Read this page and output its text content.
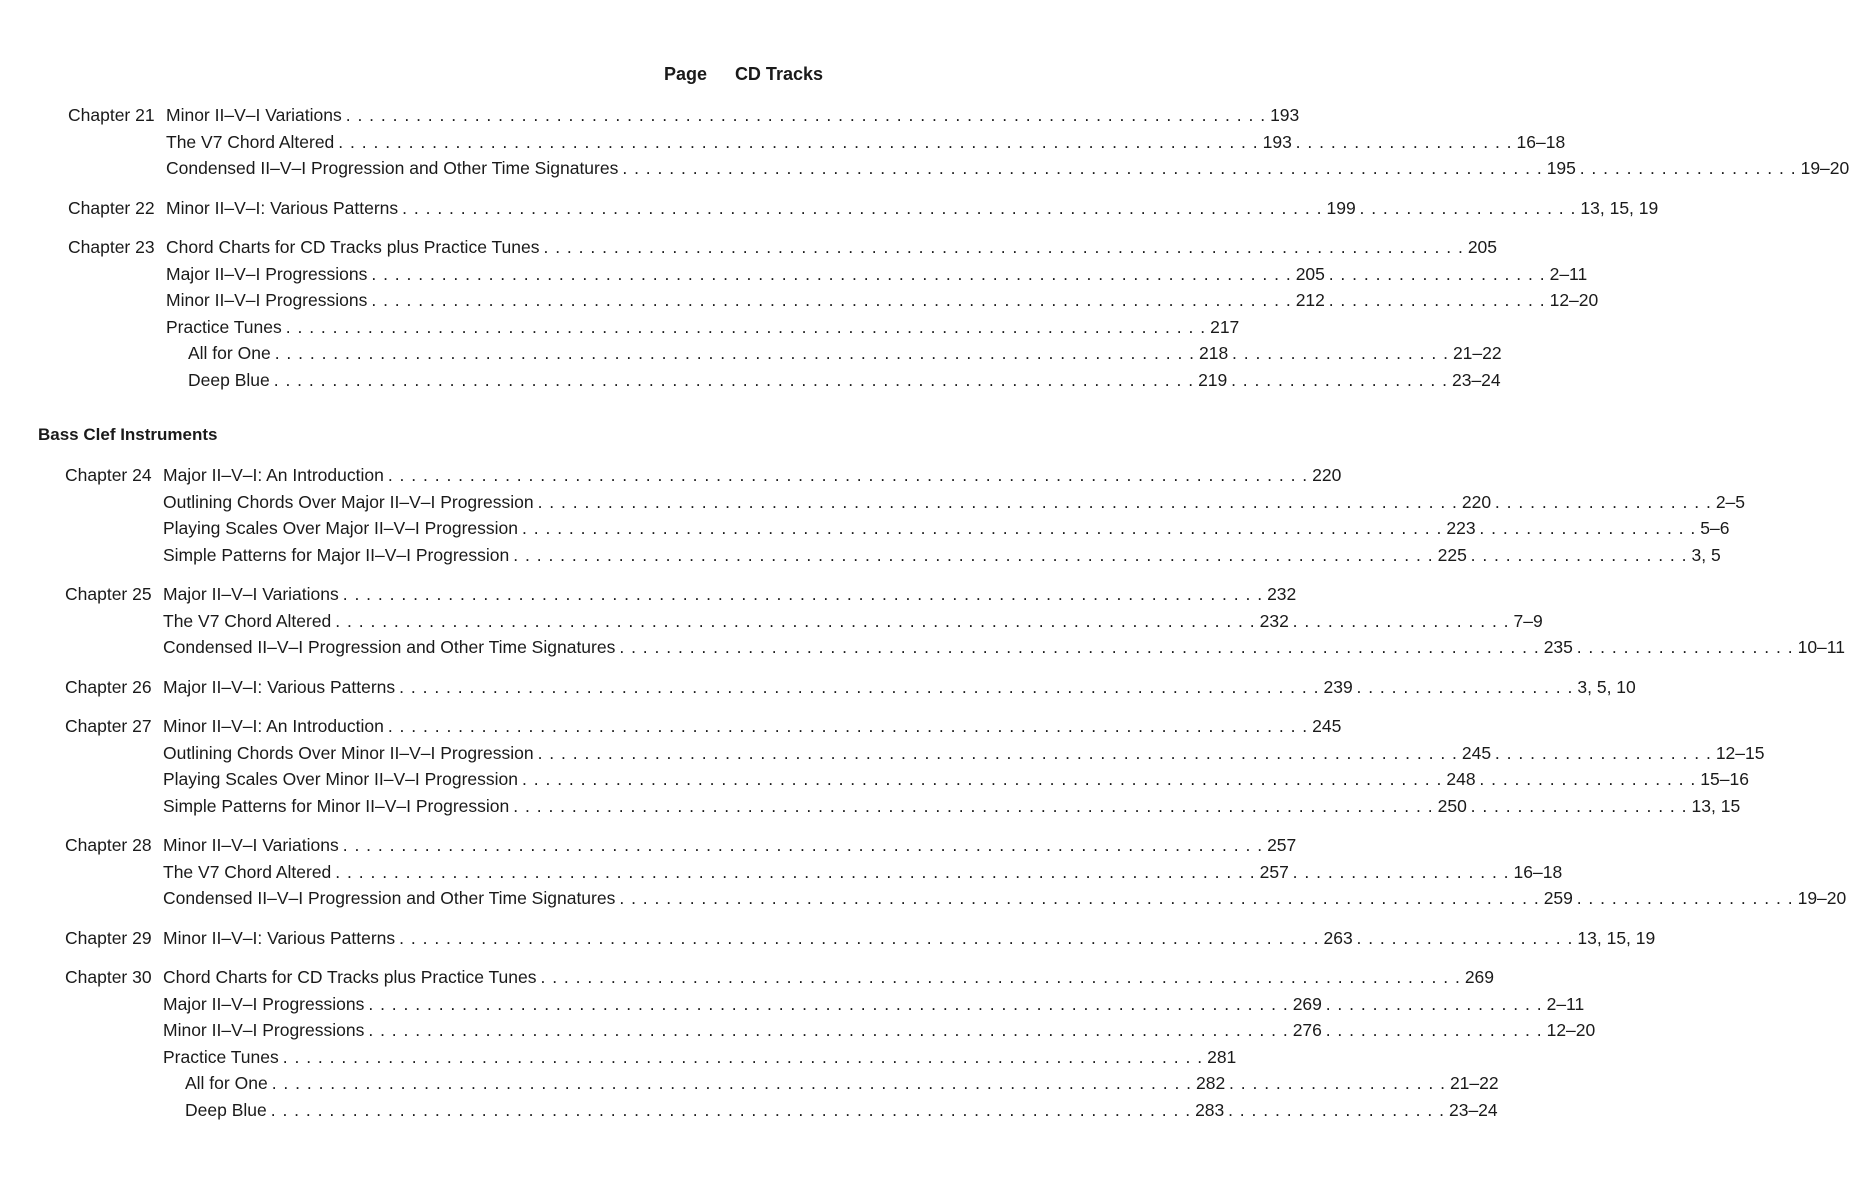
Page CD Tracks
Bass Clef Instruments
Chapter 21 Minor II–V–I Variations . . . . . . . . . . . . . . . . . . . . . . . . . . . . . . . . . . . . . . . . . . . . . . . . . . . . . . . . . . . . . . . . . . . . . . . . . . . . . . . 193
The V7 Chord Altered . . . . . . . . . . . . . . . . . . . . . . . . . . . . . . . . . . . . . . . . . . . . . . . . . . . . . . . . . . . . . . . . . . . . . . . . . . . . . . . 193 . . . . . . . . . . . . . . . . . . . 16–18
Condensed II–V–I Progression and Other Time Signatures . . . . . . . . . . . . . . . . . . . . . . . . . . . . . . . . . . . . . . . . . . . . . . . . . . . . . . . . . . . . . . . . . . . . . . . . . . . . . . . 195 . . . . . . . . . . . . . . . . . . . 19–20
Chapter 22 Minor II–V–I: Various Patterns . . . . . . . . . . . . . . . . . . . . . . . . . . . . . . . . . . . . . . . . . . . . . . . . . . . . . . . . . . . . . . . . . . . . . . . . . . . . . . . 199 . . . . . . . . . . . . . . . . . . . 13, 15, 19
Chapter 23 Chord Charts for CD Tracks plus Practice Tunes . . . . . . . . . . . . . . . . . . . . . . . . . . . . . . . . . . . . . . . . . . . . . . . . . . . . . . . . . . . . . . . . . . . . . . . . . . . . . . . 205
Major II–V–I Progressions . . . . . . . . . . . . . . . . . . . . . . . . . . . . . . . . . . . . . . . . . . . . . . . . . . . . . . . . . . . . . . . . . . . . . . . . . . . . . . . 205 . . . . . . . . . . . . . . . . . . . 2–11
Minor II–V–I Progressions . . . . . . . . . . . . . . . . . . . . . . . . . . . . . . . . . . . . . . . . . . . . . . . . . . . . . . . . . . . . . . . . . . . . . . . . . . . . . . . 212 . . . . . . . . . . . . . . . . . . . 12–20
Practice Tunes . . . . . . . . . . . . . . . . . . . . . . . . . . . . . . . . . . . . . . . . . . . . . . . . . . . . . . . . . . . . . . . . . . . . . . . . . . . . . . . 217
All for One . . . . . . . . . . . . . . . . . . . . . . . . . . . . . . . . . . . . . . . . . . . . . . . . . . . . . . . . . . . . . . . . . . . . . . . . . . . . . . . 218 . . . . . . . . . . . . . . . . . . . 21–22
Deep Blue . . . . . . . . . . . . . . . . . . . . . . . . . . . . . . . . . . . . . . . . . . . . . . . . . . . . . . . . . . . . . . . . . . . . . . . . . . . . . . . 219 . . . . . . . . . . . . . . . . . . . 23–24
Chapter 24 Major II–V–I: An Introduction . . . . . . . . . . . . . . . . . . . . . . . . . . . . . . . . . . . . . . . . . . . . . . . . . . . . . . . . . . . . . . . . . . . . . . . . . . . . . . . 220
Outlining Chords Over Major II–V–I Progression . . . . . . . . . . . . . . . . . . . . . . . . . . . . . . . . . . . . . . . . . . . . . . . . . . . . . . . . . . . . . . . . . . . . . . . . . . . . . . . 220 . . . . . . . . . . . . . . . . . . . 2–5
Playing Scales Over Major II–V–I Progression . . . . . . . . . . . . . . . . . . . . . . . . . . . . . . . . . . . . . . . . . . . . . . . . . . . . . . . . . . . . . . . . . . . . . . . . . . . . . . . 223 . . . . . . . . . . . . . . . . . . . 5–6
Simple Patterns for Major II–V–I Progression . . . . . . . . . . . . . . . . . . . . . . . . . . . . . . . . . . . . . . . . . . . . . . . . . . . . . . . . . . . . . . . . . . . . . . . . . . . . . . . 225 . . . . . . . . . . . . . . . . . . . 3, 5
Chapter 25 Major II–V–I Variations . . . . . . . . . . . . . . . . . . . . . . . . . . . . . . . . . . . . . . . . . . . . . . . . . . . . . . . . . . . . . . . . . . . . . . . . . . . . . . . 232
The V7 Chord Altered . . . . . . . . . . . . . . . . . . . . . . . . . . . . . . . . . . . . . . . . . . . . . . . . . . . . . . . . . . . . . . . . . . . . . . . . . . . . . . . 232 . . . . . . . . . . . . . . . . . . . 7–9
Condensed II–V–I Progression and Other Time Signatures . . . . . . . . . . . . . . . . . . . . . . . . . . . . . . . . . . . . . . . . . . . . . . . . . . . . . . . . . . . . . . . . . . . . . . . . . . . . . . . 235 . . . . . . . . . . . . . . . . . . . 10–11
Chapter 26 Major II–V–I: Various Patterns . . . . . . . . . . . . . . . . . . . . . . . . . . . . . . . . . . . . . . . . . . . . . . . . . . . . . . . . . . . . . . . . . . . . . . . . . . . . . . . 239 . . . . . . . . . . . . . . . . . . . 3, 5, 10
Chapter 27 Minor II–V–I: An Introduction . . . . . . . . . . . . . . . . . . . . . . . . . . . . . . . . . . . . . . . . . . . . . . . . . . . . . . . . . . . . . . . . . . . . . . . . . . . . . . . 245
Outlining Chords Over Minor II–V–I Progression . . . . . . . . . . . . . . . . . . . . . . . . . . . . . . . . . . . . . . . . . . . . . . . . . . . . . . . . . . . . . . . . . . . . . . . . . . . . . . . 245 . . . . . . . . . . . . . . . . . . . 12–15
Playing Scales Over Minor II–V–I Progression . . . . . . . . . . . . . . . . . . . . . . . . . . . . . . . . . . . . . . . . . . . . . . . . . . . . . . . . . . . . . . . . . . . . . . . . . . . . . . . 248 . . . . . . . . . . . . . . . . . . . 15–16
Simple Patterns for Minor II–V–I Progression . . . . . . . . . . . . . . . . . . . . . . . . . . . . . . . . . . . . . . . . . . . . . . . . . . . . . . . . . . . . . . . . . . . . . . . . . . . . . . . 250 . . . . . . . . . . . . . . . . . . . 13, 15
Chapter 28 Minor II–V–I Variations . . . . . . . . . . . . . . . . . . . . . . . . . . . . . . . . . . . . . . . . . . . . . . . . . . . . . . . . . . . . . . . . . . . . . . . . . . . . . . . 257
The V7 Chord Altered . . . . . . . . . . . . . . . . . . . . . . . . . . . . . . . . . . . . . . . . . . . . . . . . . . . . . . . . . . . . . . . . . . . . . . . . . . . . . . . 257 . . . . . . . . . . . . . . . . . . . 16–18
Condensed II–V–I Progression and Other Time Signatures . . . . . . . . . . . . . . . . . . . . . . . . . . . . . . . . . . . . . . . . . . . . . . . . . . . . . . . . . . . . . . . . . . . . . . . . . . . . . . . 259 . . . . . . . . . . . . . . . . . . . 19–20
Chapter 29 Minor II–V–I: Various Patterns . . . . . . . . . . . . . . . . . . . . . . . . . . . . . . . . . . . . . . . . . . . . . . . . . . . . . . . . . . . . . . . . . . . . . . . . . . . . . . . 263 . . . . . . . . . . . . . . . . . . . 13, 15, 19
Chapter 30 Chord Charts for CD Tracks plus Practice Tunes . . . . . . . . . . . . . . . . . . . . . . . . . . . . . . . . . . . . . . . . . . . . . . . . . . . . . . . . . . . . . . . . . . . . . . . . . . . . . . . 269
Major II–V–I Progressions . . . . . . . . . . . . . . . . . . . . . . . . . . . . . . . . . . . . . . . . . . . . . . . . . . . . . . . . . . . . . . . . . . . . . . . . . . . . . . . 269 . . . . . . . . . . . . . . . . . . . 2–11
Minor II–V–I Progressions . . . . . . . . . . . . . . . . . . . . . . . . . . . . . . . . . . . . . . . . . . . . . . . . . . . . . . . . . . . . . . . . . . . . . . . . . . . . . . . 276 . . . . . . . . . . . . . . . . . . . 12–20
Practice Tunes . . . . . . . . . . . . . . . . . . . . . . . . . . . . . . . . . . . . . . . . . . . . . . . . . . . . . . . . . . . . . . . . . . . . . . . . . . . . . . . 281
All for One . . . . . . . . . . . . . . . . . . . . . . . . . . . . . . . . . . . . . . . . . . . . . . . . . . . . . . . . . . . . . . . . . . . . . . . . . . . . . . . 282 . . . . . . . . . . . . . . . . . . . 21–22
Deep Blue . . . . . . . . . . . . . . . . . . . . . . . . . . . . . . . . . . . . . . . . . . . . . . . . . . . . . . . . . . . . . . . . . . . . . . . . . . . . . . . 283 . . . . . . . . . . . . . . . . . . . 23–24
